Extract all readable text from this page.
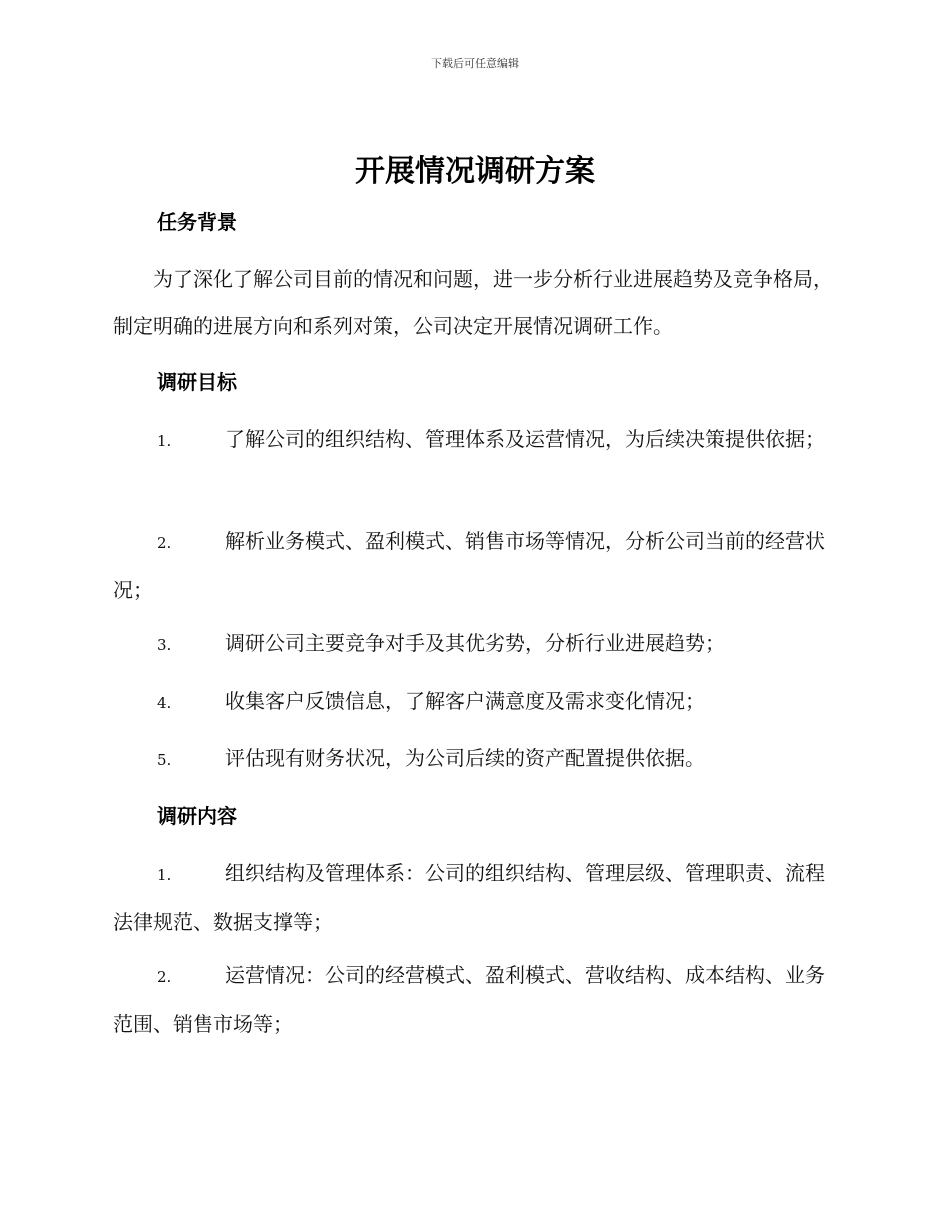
下载后可任意编辑
开展情况调研方案
任务背景
为了深化了解公司目前的情况和问题，进一步分析行业进展趋势及竞争格局，制定明确的进展方向和系列对策，公司决定开展情况调研工作。
调研目标
1.	了解公司的组织结构、管理体系及运营情况，为后续决策提供依据；
2.	解析业务模式、盈利模式、销售市场等情况，分析公司当前的经营状况；
3.	调研公司主要竞争对手及其优劣势，分析行业进展趋势；
4.	收集客户反馈信息，了解客户满意度及需求变化情况；
5.	评估现有财务状况，为公司后续的资产配置提供依据。
调研内容
1.	组织结构及管理体系：公司的组织结构、管理层级、管理职责、流程法律规范、数据支撑等；
2.	运营情况：公司的经营模式、盈利模式、营收结构、成本结构、业务范围、销售市场等；
